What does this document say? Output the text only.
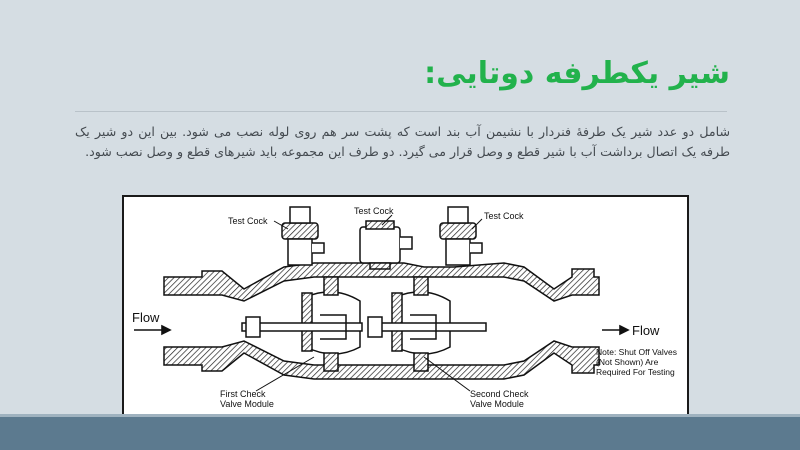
شیر یکطرفه دوتایی:
شامل دو عدد شیر یک طرفهٔ فنردار با نشیمن آب بند است که پشت سر هم روی لوله نصب می شود. بین این دو شیر یک طرفه یک اتصال برداشت آب با شیر قطع و وصل قرار می گیرد. دو طرف این مجموعه باید شیرهای قطع و وصل نصب شود.
Test Cock
Test Cock	Test Cock
Flow
Flow
First Check
Valve Module
Second Check
Valve Module
Note: Shut Off Valves
(Not Shown) Are
Required For Testing
